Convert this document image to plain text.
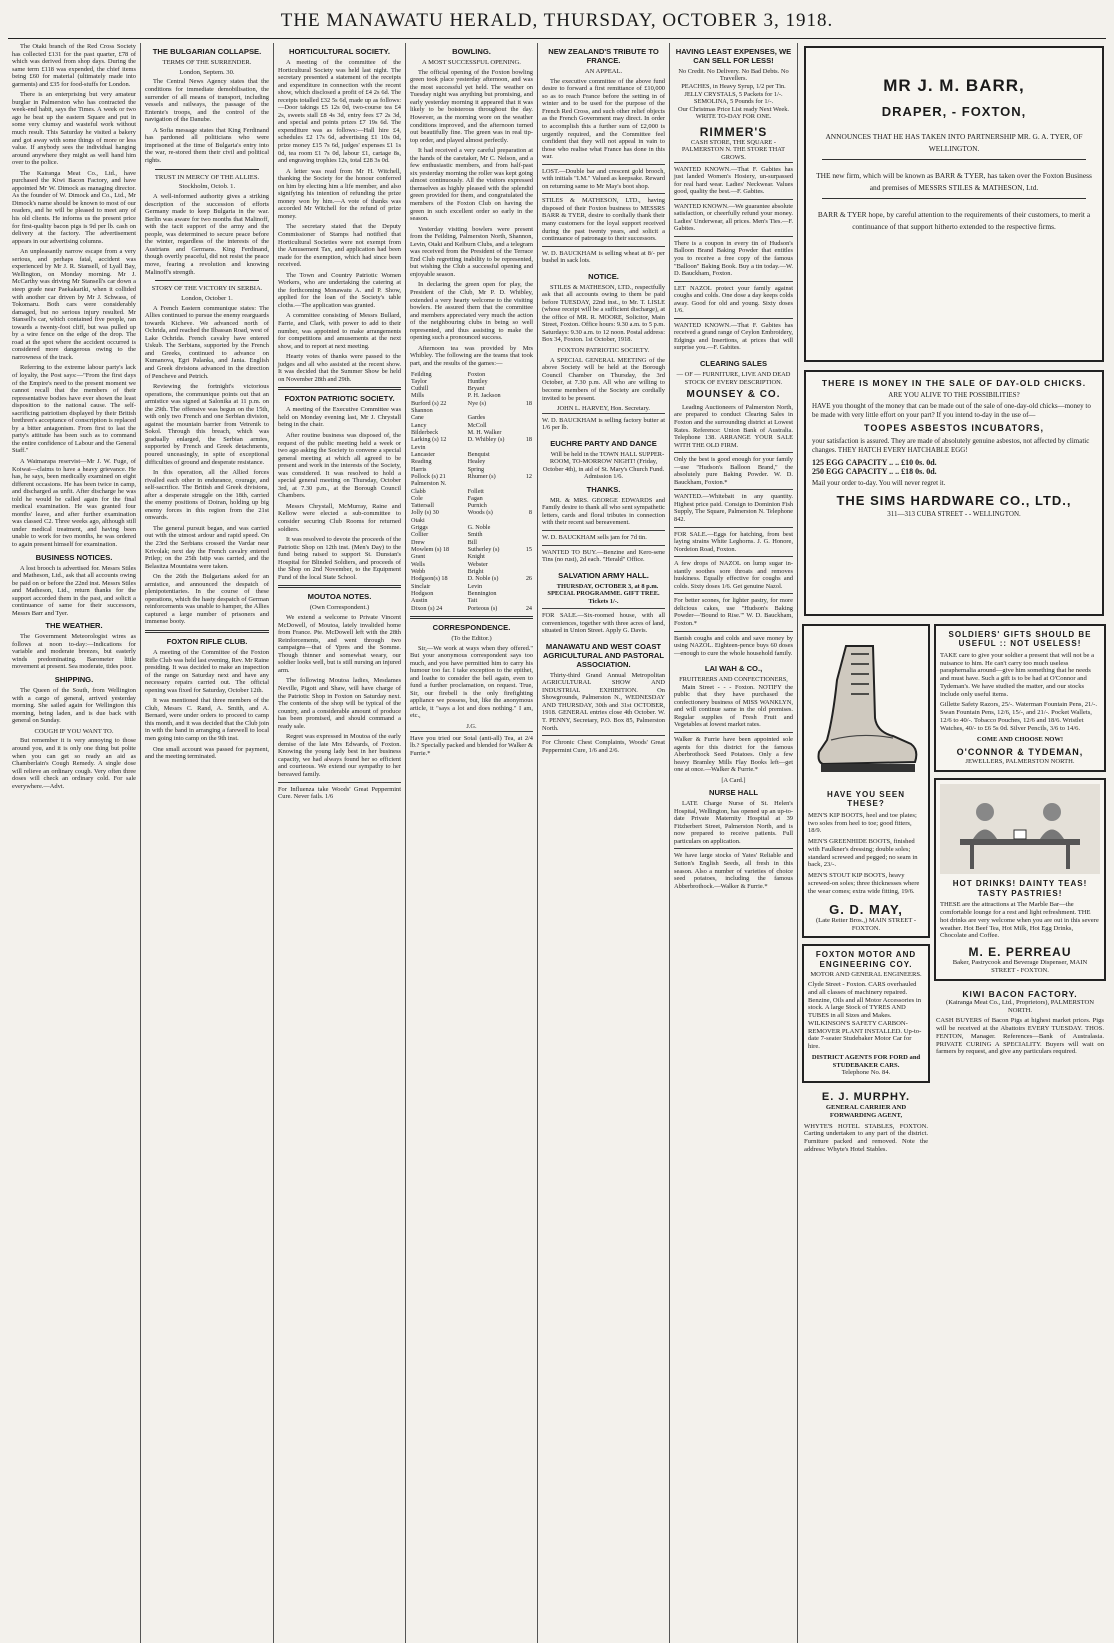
THE MANAWATU HERALD, THURSDAY, OCTOBER 3, 1918.

The Otaki branch of the Red Cross Society has collected £131 for the past quarter, £78 of which was derived from shop days. During the same term £118 was expended, the chief items being £60 for material (ultimately made into garments) and £35 for food-stuffs for London.

There is an enterprising but very amateur burglar in Palmerston who has contracted the week-end habit, says the Times. A week or two ago he beat up the eastern Square and put in some very clumsy and wasteful work without much result. This Saturday he visited a bakery and got away with some things of more or less value. If anybody sees the individual hanging around anywhere they might as well hand him over to the police.

The Kairanga Meat Co., Ltd., have purchased the Kiwi Bacon Factory, and have appointed Mr W. Dimock as managing director. As the founder of W. Dimock and Co., Ltd., Mr Dimock's name should be known to most of our readers, and he will be pleased to meet any of his old clients. He informs us the present price for first-quality bacon pigs is 9d per lb. cash on delivery at the factory. The advertisement appears in our advertising columns.

An unpleasantly narrow escape from a very serious, and perhaps fatal, accident was experienced by Mr J. R. Stansell, of Lyall Bay, Wellington, on Monday morning. Mr J. McCarthy was driving Mr Stansell's car down a steep grade near Paekakariki, when it collided with another car driven by Mr J. Schwass, of Tokomaru. Both cars were considerably damaged, but no serious injury resulted. Mr Stansell's car, which contained five people, ran towards a twenty-foot cliff, but was pulled up by a wire fence on the edge of the drop. The road at the spot where the accident occurred is considered more dangerous owing to the narrowness of the track.

Referring to the extreme labour party's lack of loyalty, the Post says:—"From the first days of the Empire's need to the present moment we cannot recall that the members of their representative bodies have ever shown the least disposition to the national cause. The self-sacrificing patriotism displayed by their British brethren's acceptance of conscription is replaced by a bitter antagonism. From first to last the party's attitude has been such as to command the entire confidence of Labour and the General Staff."

A Waimarapa reservist—Mr J. W. Fuge, of Koiwai—claims to have a heavy grievance. He has, he says, been medically examined on eight different occasions. He has been twice in camp, and discharged as unfit. After discharge he was told he would be called again for the final medical examination. He was granted four months' leave, and after further examination was classed C2. Three weeks ago, although still under medical treatment, and having been unable to work for two months, he was ordered to again present himself for examination.

BUSINESS NOTICES.

A lost brooch is advertised for. Messrs Stiles and Matheson, Ltd., ask that all accounts owing be paid on or before the 22nd inst. Messrs Stiles and Matheson, Ltd., return thanks for the support accorded them in the past, and solicit a continuance of same for their successors, Messrs Barr and Tyer.

THE WEATHER.

The Government Meteorologist wires as follows at noon to-day:—Indications for variable and moderate breezes, but easterly winds predominating. Barometer little movement at present. Sea moderate, tides poor.

SHIPPING.

The Queen of the South, from Wellington with a cargo of general, arrived yesterday morning. She sailed again for Wellington this morning, being laden, and is due back with general on Sunday.

COUGH IF YOU WANT TO.

But remember it is very annoying to those around you, and it is only one thing but polite when you can get so ready an aid as Chamberlain's Cough Remedy. A single dose will relieve an ordinary cough. Very often three doses will check an ordinary cold. For sale everywhere.—Advt.

THE BULGARIAN COLLAPSE.
TERMS OF THE SURRENDER.
London, Septem. 30.

The Central News Agency states that the conditions for immediate demobilisation, the surrender of all means of transport, including vessels and railways, the passage of the Entente's troops, and the control of the navigation of the Danube.

A Sofia message states that King Ferdinand has pardoned all politicians who were imprisoned at the time of Bulgaria's entry into the war, re-stored them their civil and political rights.

TRUST IN MERCY OF THE ALLIES.
Stockholm, Octob. 1.

A well-informed authority gives a striking description of the succession of efforts Germany made to keep Bulgaria in the war. Berlin was aware for two months that Malinoff, with the tacit support of the army and the people, was determined to secure peace before the winter, regardless of the interests of the Austrians and Germans. King Ferdinand, though overtly peaceful, did not resist the peace move, fearing a revolution and knowing Malinoff's strength.

STORY OF THE VICTORY IN SERBIA.
London, October 1.

A French Eastern communique states: The Allies continued to pursue the enemy rearguards towards Kicheve. We advanced north of Ochrida, and reached the Ilbassan Road, west of Lake Ochrida. French cavalry have entered Uskub. The Serbians, supported by the French and Greeks, continued to advance on Kumanova, Egri Palanka, and Jania. English and Greek divisions advanced in the direction of Pencheve and Petrich.

Reviewing the fortnight's victorious operations, the communique points out that an armistice was signed at Salonika at 11 p.m. on the 29th. The offensive was begun on the 15th, with only two French and one Serbian division, against the mountain barrier from Vetrenik to Sokol. Through this breach, which was gradually enlarged, the Serbian armies, supported by French and Greek detachments, poured unceasingly, in spite of exceptional difficulties of ground and desperate resistance.

In this operation, all the Allied forces rivalled each other in endurance, courage, and self-sacrifice. The British and Greek divisions, after a desperate struggle on the 18th, carried the enemy positions of Doiran, holding up big enemy forces in this region from the 21st onwards.

The general pursuit began, and was carried out with the utmost ardour and rapid speed. On the 23rd the Serbians crossed the Vardar near Krivolak; next day the French cavalry entered Prilep; on the 25th Istip was carried, and the Belasitza Mountains were taken.

On the 26th the Bulgarians asked for an armistice, and announced the despatch of plenipotentiaries. In the course of these operations, which the hasty despatch of German reinforcements was unable to hamper, the Allies captured a large number of prisoners and immense booty.

FOXTON RIFLE CLUB.

A meeting of the Committee of the Foxton Rifle Club was held last evening, Rev. Mr Raine presiding. It was decided to make an inspection of the range on Saturday next and have any necessary repairs carried out. The official opening was fixed for Saturday, October 12th.

It was mentioned that three members of the Club, Messrs C. Rand, A. Smith, and A. Bernard, were under orders to proceed to camp this month, and it was decided that the Club join in with the band in arranging a farewell to local men going into camp on the 9th inst.

One small account was passed for payment, and the meeting terminated.

HORTICULTURAL SOCIETY.

A meeting of the committee of the Horticultural Society was held last night. The secretary presented a statement of the receipts and expenditure in connection with the recent show, which disclosed a profit of £4 2s 6d. The receipts totalled £32 5s 6d, made up as follows:—Door takings £5 12s 0d, two-course tea £4 2s, sweets stall £8 4s 3d, entry fees £7 2s 3d, and special and points prizes £7 19s 6d. The expenditure was as follows:—Hall hire £4, schedules £2 17s 6d, advertising £1 10s 0d, prize money £15 7s 6d, judges' expenses £1 1s 0d, tea room £1 7s 0d, labour £1, cartage 8s, and engraving trophies 12s, total £28 3s 0d.

A letter was read from Mr H. Witchell, thanking the Society for the honour conferred on him by electing him a life member, and also signifying his intention of refunding the prize money won by him.—A vote of thanks was accorded Mr Witchell for the refund of prize money.

The secretary stated that the Deputy Commissioner of Stamps had notified that Horticultural Societies were not exempt from the Amusement Tax, and application had been made for the exemption, which had since been received.

The Town and Country Patriotic Women Workers, who are undertaking the catering at the forthcoming Monawatu A. and P. Show, applied for the loan of the Society's table cloths.—The application was granted.

A committee consisting of Messrs Bullard, Farrie, and Clark, with power to add to their number, was appointed to make arrangements for competitions and amusements at the next show, and to report at next meeting.

Hearty votes of thanks were passed to the judges and all who assisted at the recent show. It was decided that the Summer Show be held on November 28th and 29th.

FOXTON PATRIOTIC SOCIETY.

A meeting of the Executive Committee was held on Monday evening last, Mr J. Chrystall being in the chair.

After routine business was disposed of, the request of the public meeting held a week or two ago asking the Society to convene a special general meeting at which all agreed to be present and work in the interests of the Society, was considered. It was resolved to hold a special general meeting on Thursday, October 3rd, at 7.30 p.m., at the Borough Council Chambers.

Messrs Chrystall, McMurray, Raine and Kellow were elected a sub-committee to consider securing Club Rooms for returned soldiers.

It was resolved to devote the proceeds of the Patriotic Shop on 12th inst. (Men's Day) to the fund being raised to support St. Dunstan's Hospital for Blinded Soldiers, and proceeds of the Shop on 2nd November, to the Equipment Fund of the local State School.

MOUTOA NOTES.
(Own Correspondent.)

We extend a welcome to Private Vincent McDowell, of Moutoa, lately invalided home from France. Pte. McDowell left with the 28th Reinforcements, and went through two campaigns—that of Ypres and the Somme. Though thinner and somewhat weary, our soldier looks well, but is still nursing an injured arm.

The following Moutoa ladies, Mesdames Neville, Pigott and Shaw, will have charge of the Patriotic Shop in Foxton on Saturday next. The contents of the shop will be typical of the country, and a considerable amount of produce has been promised, and should command a ready sale.

Regret was expressed in Moutoa of the early demise of the late Mrs Edwards, of Foxton. Knowing the young lady best in her business capacity, we had always found her so efficient and courteous. We extend our sympathy to her bereaved family.

For Influenza take Woods' Great Peppermint Cure. Never fails. 1/6
BOWLING.
A MOST SUCCESSFUL OPENING.

The official opening of the Foxton bowling green took place yesterday afternoon, and was the most successful yet held. The weather on Tuesday night was anything but promising, and early yesterday morning it appeared that it was likely to be boisterous throughout the day. However, as the morning wore on the weather conditions improved, and the afternoon turned out beautifully fine. The green was in real tip-top order, and played almost perfectly.

It had received a very careful preparation at the hands of the caretaker, Mr C. Nelson, and a few enthusiastic members, and from half-past six yesterday morning the roller was kept going almost continuously. All the visitors expressed themselves as highly pleased with the splendid green provided for them, and congratulated the members of the Foxton Club on having the green in such excellent order so early in the season.

Yesterday visiting bowlers were present from the Feilding, Palmerston North, Shannon, Levin, Otaki and Kelburn Clubs, and a telegram was received from the President of the Terrace End Club regretting inability to be represented, but wishing the Club a successful opening and enjoyable season.

In declaring the green open for play, the President of the Club, Mr P. D. Whibley, extended a very hearty welcome to the visiting bowlers. He assured them that the committee and members appreciated very much the action of the neighbouring clubs in being so well represented, and thus assisting to make the opening such a pronounced success.

Afternoon tea was provided by Mrs Whibley. The following are the teams that took part, and the results of the games:—

Feilding	Foxton	
Taylor	Huntley	
Cuthill	Bryant	
Mills	P. H. Jackson	
Burford (s) 22	Nye (s)	18
Shannon		
Cane	Gardes	
Lancy	McColl	
Bilderbeck	M. H. Walker	
Larking (s) 12	D. Whibley (s)	18
Levin		
Lancaster	Benquist	
Reading	Healey	
Harris	Spring	
Pollock (s) 21	Rhumer (s)	12
Palmerston N.		
Clabb	Follett	
Cole	Fagan	
Tattersall	Purnich	
Jolly (s) 30	Woods (s)	8
Otaki		
Griggs	G. Noble	
Collier	Smith	
Drew	Bill	
Mowlem (s) 18	Sutherley (s)	15
Grant	Knight	
Wells	Webster	
Webb	Bright	
Hodgson(s) 18	D. Noble (s)	26
Sinclair	Levin	
Hodgson	Bennington	
Austin	Tait	
Dixon (s) 24	Porteous (s)	24
CORRESPONDENCE.
(To the Editor.)

Sir,—We work at ways when they offered." But your anonymous correspondent says too much, and you have permitted him to carry his humour too far. I take exception to the epithet, and loathe to consider the bell again, even to fund a further proclamation, on request. True, Sir, our firebell is the only firefighting appliance we possess, but, like the anonymous article, it "says a lot and does nothing." I am, etc.,

J.G.
Have you tried our Sotal (anti-all) Tea, at 2/4 lb.? Specially packed and blended for Walker & Furrie.*
NEW ZEALAND'S TRIBUTE TO FRANCE.
AN APPEAL.

The executive committee of the above fund desire to forward a first remittance of £10,000 so as to reach France before the setting in of winter and to be used for the purpose of the French Red Cross, and such other relief objects as the French Government may direct. In order to accomplish this a further sum of £2,000 is urgently required, and the Committee feel confident that they will not appeal in vain to those who realise what France has done in this war.

LOST.—Double bar and crescent gold brooch, with initials "I.M." Valued as keepsake. Reward on returning same to Mr May's boot shop.
STILES & MATHESON, LTD., having disposed of their Foxton business to MESSRS BARR & TYER, desire to cordially thank their many customers for the loyal support received during the past twenty years, and solicit a continuance of patronage to their successors.
W. D. BAUCKHAM is selling wheat at 8/- per bushel in sack lots.
NOTICE.

STILES & MATHESON, LTD., respectfully ask that all accounts owing to them be paid before TUESDAY, 22nd inst., to Mr. T. LISLE (whose receipt will be a sufficient discharge), at the office of MR. R. MOORE, Solicitor, Main Street, Foxton. Office hours: 9.30 a.m. to 5 p.m. Saturdays: 9.30 a.m. to 12 noon. Postal address: Box 34, Foxton. 1st October, 1918.

FOXTON PATRIOTIC SOCIETY.

A SPECIAL GENERAL MEETING of the above Society will be held at the Borough Council Chamber on Thursday, the 3rd October, at 7.30 p.m. All who are willing to become members of the Society are cordially invited to be present.

JOHN L. HARVEY, Hon. Secretary.
W. D. BAUCKHAM is selling factory butter at 1/6 per lb.
EUCHRE PARTY AND DANCE

Will be held in the TOWN HALL SUPPER-ROOM, TO-MORROW NIGHT! (Friday, October 4th), in aid of St. Mary's Church Fund. Admission 1/6.

THANKS.

MR. & MRS. GEORGE EDWARDS and Family desire to thank all who sent sympathetic letters, cards and floral tributes in connection with their recent sad bereavement.

W. D. BAUCKHAM sells jam for 7d tin.
WANTED TO BUY.—Benzine and Kero-sene Tins (no rust), 2d each. "Herald" Office.
SALVATION ARMY HALL.

THURSDAY, OCTOBER 3, at 8 p.m. SPECIAL PROGRAMME. GIFT TREE. Tickets 1/-.

FOR SALE.—Six-roomed house, with all conveniences, together with three acres of land, situated in Union Street. Apply G. Davis.
MANAWATU AND WEST COAST AGRICULTURAL AND PASTORAL ASSOCIATION.

Thirty-third Grand Annual Metropolitan AGRICULTURAL SHOW AND INDUSTRIAL EXHIBITION. On Showgrounds, Palmerston N., WEDNESDAY AND THURSDAY, 30th and 31st OCTOBER, 1918. GENERAL entries close 4th October. W. T. PENNY, Secretary, P.O. Box 85, Palmerston North.

For Chronic Chest Complaints, Woods' Great Peppermint Cure, 1/6 and 2/6.
HAVING LEAST EXPENSES, WE CAN SELL FOR LESS!
No Credit. No Delivery. No Bad Debts. No Travellers.
PEACHES, in Heavy Syrup, 1/2 per Tin. JELLY CRYSTALS, 5 Packets for 1/-. SEMOLINA, 5 Pounds for 1/-.
Our Christmas Price List ready Next Week. WRITE TO-DAY FOR ONE.
RIMMER'S
CASH STORE, THE SQUARE - PALMERSTON N. THE STORE THAT GROWS.
WANTED KNOWN.—That F. Gabites has just landed Women's Hosiery, un-surpassed for real hard wear. Ladies' Neckwear. Values good, quality the best.—F. Gabites.
WANTED KNOWN.—We guarantee absolute satisfaction, or cheerfully refund your money. Ladies' Underwear, all prices. Men's Ties.—F. Gabites.
There is a coupon in every tin of Hudson's Balloon Brand Baking Powder that entitles you to receive a free copy of the famous "Balloon" Baking Book. Buy a tin today.—W. D. Bauckham, Foxton.
LET NAZOL protect your family against coughs and colds. One dose a day keeps colds away. Good for old and young. Sixty doses 1/6.
WANTED KNOWN.—That F. Gabites has received a grand range of Ceylon Embroidery, Edgings and Insertions, at prices that will surprise you.—F. Gabites.
CLEARING SALES
— OF — FURNITURE, LIVE AND DEAD STOCK OF EVERY DESCRIPTION.
MOUNSEY & CO.

Leading Auctioneers of Palmerston North, are prepared to conduct Clearing Sales in Foxton and the surrounding district at Lowest Rates. Reference: Union Bank of Australia. Telephone 138. ARRANGE YOUR SALE WITH THE OLD FIRM.

Only the best is good enough for your family—use "Hudson's Balloon Brand," the absolutely pure Baking Powder. W. D. Bauckham, Foxton.*
WANTED.—Whitebait in any quantity. Highest price paid. Consign to Dominion Fish Supply, The Square, Palmerston N. Telephone 842.
FOR SALE.—Eggs for hatching, from best laying strains White Leghorns. J. G. Honore, Nordeion Road, Foxton.
A few drops of NAZOL on lump sugar in-stantly soothes sore throats and removes huskiness. Equally effective for coughs and colds. Sixty doses 1/6. Get genuine Nazol.
For better scones, for lighter pastry, for more delicious cakes, use "Hudson's Baking Powder—'Bound to Rise.'" W. D. Bauckham, Foxton.*
Banish coughs and colds and save money by using NAZOL. Eighteen-pence buys 60 doses—enough to cure the whole household family.
LAI WAH & CO.,
FRUITERERS AND CONFECTIONERS,

Main Street - - - Foxton. NOTIFY the public that they have purchased the confectionery business of MISS WANKLYN, and will continue same in the old premises. Regular supplies of Fresh Fruit and Vegetables at lowest market rates.

Walker & Furrie have been appointed sole agents for this district for the famous Aberbrothock Seed Potatoes. Only a few heavy Bramley Mills Flay Books left—get one at once.—Walker & Furrie.*
[A Card.]
NURSE HALL

LATE Charge Nurse of St. Helen's Hospital, Wellington, has opened up an up-to-date Private Maternity Hospital at 39 Fitzherbert Street, Palmerston North, and is now prepared to receive patients. Full particulars on application.

We have large stocks of Yates' Reliable and Sutton's English Seeds, all fresh in this season. Also a number of varieties of choice seed potatoes, including the famous Abberbrothock.—Walker & Furrie.*
MR J. M. BARR,
DRAPER, - FOXTON,
ANNOUNCES THAT HE HAS TAKEN INTO PARTNERSHIP MR. G. A. TYER, OF WELLINGTON.
THE new firm, which will be known as BARR & TYER, has taken over the Foxton Business and premises of MESSRS STILES & MATHESON, Ltd.
BARR & TYER hope, by careful attention to the requirements of their customers, to merit a continuance of that support hitherto extended to the respective firms.
THERE IS MONEY IN THE SALE OF DAY-OLD CHICKS.
ARE YOU ALIVE TO THE POSSIBILITIES?
HAVE you thought of the money that can be made out of the sale of one-day-old chicks—money to be made with very little effort on your part? If you intend to-day in the use of—
TOOPES ASBESTOS INCUBATORS,
your satisfaction is assured. They are made of absolutely genuine asbestos, not affected by climatic changes. THEY HATCH EVERY HATCHABLE EGG!
125 EGG CAPACITY .. .. £10 0s. 0d.
250 EGG CAPACITY .. .. £18 0s. 0d.
Mail your order to-day. You will never regret it.
THE SIMS HARDWARE CO., LTD.,
311—313 CUBA STREET - - WELLINGTON.
HAVE YOU SEEN THESE?
MEN'S KIP BOOTS, heel and toe plates; two soles from heel to toe; good fitters, 18/9.
MEN'S GREENHIDE BOOTS, finished with Faulkner's dressing; double soles; standard screwed and pegged; no seam in back, 23/-.
MEN'S STOUT KIP BOOTS, heavy screwed-on soles; three thicknesses where the wear comes; extra wide fitting, 19/6.
G. D. MAY,
(Late Reiter Bros.,) MAIN STREET - FOXTON.
FOXTON MOTOR AND ENGINEERING COY.
MOTOR AND GENERAL ENGINEERS.
Clyde Street - Foxton. CARS overhauled and all classes of machinery repaired. Benzine, Oils and all Motor Accessories in stock. A large Stock of TYRES AND TUBES in all Sizes and Makes. WILKINSON'S SAFETY CARBON-REMOVER PLANT INSTALLED. Up-to-date 7-seater Studebaker Motor Car for hire.
DISTRICT AGENTS FOR FORD and STUDEBAKER CARS.
Telephone No. 84.
E. J. MURPHY.
GENERAL CARRIER AND FORWARDING AGENT,
WHYTE'S HOTEL STABLES, FOXTON. Carting undertaken to any part of the district. Furniture packed and removed. Note the address: Whyte's Hotel Stables.
SOLDIERS' GIFTS SHOULD BE USEFUL :: NOT USELESS!
TAKE care to give your soldier a present that will not be a nuisance to him. He can't carry too much useless paraphernalia around—give him something that he needs and must have. Such a gift is to be had at O'Connor and Tydeman's. We have studied the matter, and our stocks include only useful items.
Gillette Safety Razors, 25/-. Waterman Fountain Pens, 21/-. Swan Fountain Pens, 12/6, 15/-, and 21/-. Pocket Wallets, 12/6 to 40/-. Tobacco Pouches, 12/6 and 18/6. Wristlet Watches, 40/- to £6 5s 0d. Silver Pencils, 3/6 to 14/6.
COME AND CHOOSE NOW!
O'CONNOR & TYDEMAN,
JEWELLERS, PALMERSTON NORTH.
HOT DRINKS! DAINTY TEAS! TASTY PASTRIES!
THESE are the attractions at The Marble Bar—the comfortable lounge for a rest and light refreshment. THE hot drinks are very welcome when you are out in this severe weather. Hot Beef Tea, Hot Milk, Hot Egg Drinks, Chocolate and Coffee.
M. E. PERREAU
Baker, Pastrycook and Beverage Dispenser, MAIN STREET - FOXTON.
KIWI BACON FACTORY.
(Kairanga Meat Co., Ltd., Proprietors), PALMERSTON NORTH.
CASH BUYERS of Bacon Pigs at highest market prices. Pigs will be received at the Abattoirs EVERY TUESDAY. THOS. FENTON, Manager. References—Bank of Australasia. PRIVATE CURING A SPECIALITY. Buyers will wait on farmers by request, and give any particulars required.
